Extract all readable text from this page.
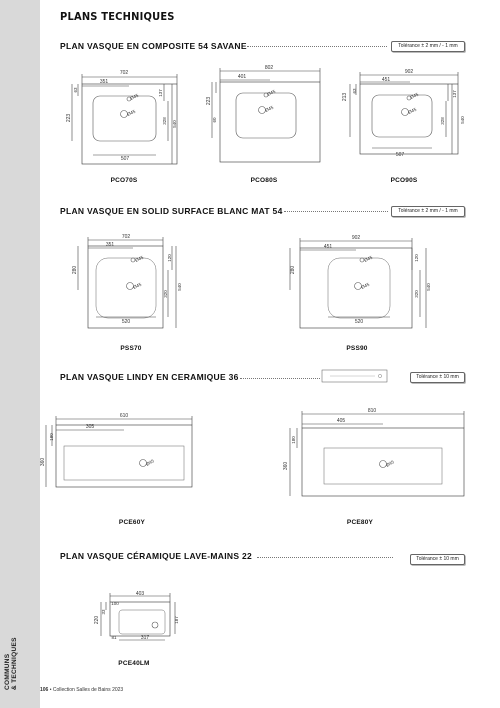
COMMUNS & TECHNIQUES
PLANS TECHNIQUES
PLAN VASQUE EN COMPOSITE 54 SAVANE	Tolérance ± 2 mm / - 1 mm
PLAN VASQUE EN SOLID SURFACE BLANC MAT 54	Tolérance ± 2 mm / - 1 mm
PLAN VASQUE LINDY EN CERAMIQUE 36	Tolérance ± 10 mm
PLAN VASQUE CÉRAMIQUE LAVE-MAINS 22	Tolérance ± 10 mm
PCO70S	PCO80S	PCO90S
PSS70	PSS90
PCE60Y	PCE80Y
PCE40LM
106 • Collection Salles de Bains 2023
702
351
507
223
63	137
328 540
Ø45
Ø45
802
401
223
60
Ø45
Ø45
902
451
507
213
63	137
328	540
Ø45
Ø45
702
351
520
280
120
320
540
Ø45
Ø45
902
451
520
280
120
320
540
Ø45
Ø45
610
305
360
180
Ø45
810
405
360
180
Ø45
403
317
220
33
187
100
81
